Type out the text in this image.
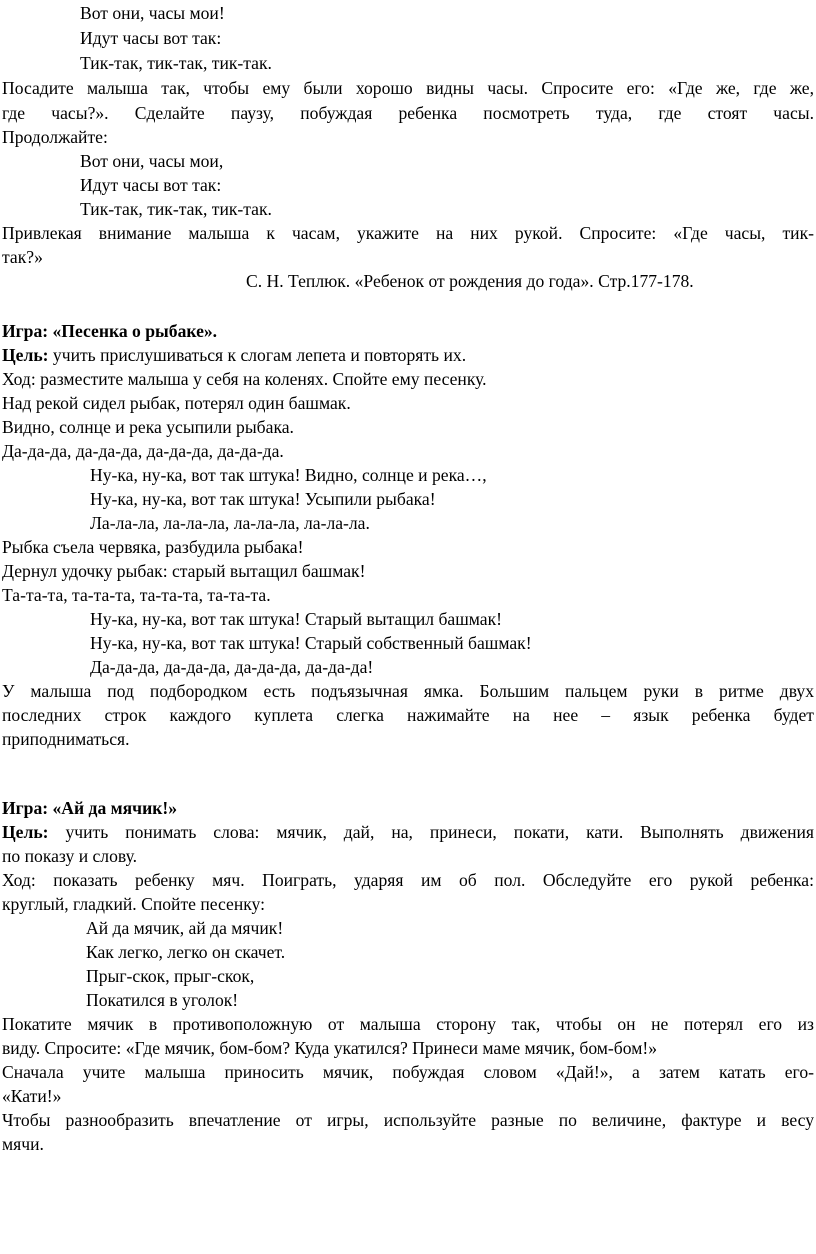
Вот они, часы мои!
Идут часы вот так:
Тик-так, тик-так, тик-так.
Посадите малыша так, чтобы ему были хорошо видны часы. Спросите его: «Где же, где же,
где часы?». Сделайте паузу, побуждая ребенка посмотреть туда, где стоят часы.
Продолжайте:
Вот они, часы мои,
Идут часы вот так:
Тик-так, тик-так, тик-так.
Привлекая внимание малыша к часам, укажите на них рукой. Спросите: «Где часы, тик-
так?»
С. Н. Теплюк. «Ребенок от рождения до года». Стр.177-178.
Игра: «Песенка о рыбаке».
Цель: учить прислушиваться к слогам лепета и повторять их.
Ход: разместите малыша у себя на коленях. Спойте ему песенку.
Над рекой сидел рыбак, потерял один башмак.
Видно, солнце и река усыпили рыбака.
Да-да-да, да-да-да, да-да-да, да-да-да.
Ну-ка, ну-ка, вот так штука! Видно, солнце и река…,
Ну-ка, ну-ка, вот так штука! Усыпили рыбака!
Ла-ла-ла, ла-ла-ла, ла-ла-ла, ла-ла-ла.
Рыбка съела червяка, разбудила рыбака!
Дернул удочку рыбак: старый вытащил башмак!
Та-та-та, та-та-та, та-та-та, та-та-та.
Ну-ка, ну-ка, вот так штука! Старый вытащил башмак!
Ну-ка, ну-ка, вот так штука! Старый собственный башмак!
Да-да-да, да-да-да, да-да-да, да-да-да!
У малыша под подбородком есть подъязычная ямка. Большим пальцем руки в ритме двух
последних строк каждого куплета слегка нажимайте на нее – язык ребенка будет
приподниматься.
Игра: «Ай да мячик!»
Цель: учить понимать слова: мячик, дай, на, принеси, покати, кати. Выполнять движения
по показу и слову.
Ход: показать ребенку мяч. Поиграть, ударяя им об пол. Обследуйте его рукой ребенка:
круглый, гладкий. Спойте песенку:
Ай да мячик, ай да мячик!
Как легко, легко он скачет.
Прыг-скок, прыг-скок,
Покатился в уголок!
Покатите мячик в противоположную от малыша сторону так, чтобы он не потерял его из
виду. Спросите: «Где мячик, бом-бом? Куда укатился? Принеси маме мячик, бом-бом!»
Сначала учите малыша приносить мячик, побуждая словом «Дай!», а затем катать его-
«Кати!»
Чтобы разнообразить впечатление от игры, используйте разные по величине, фактуре и весу
мячи.
